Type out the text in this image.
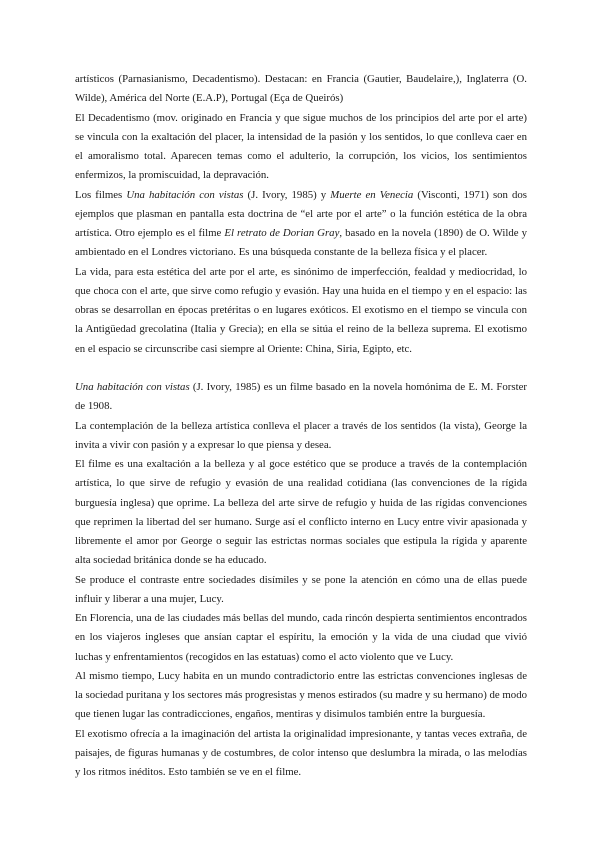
artísticos (Parnasianismo, Decadentismo). Destacan: en Francia (Gautier, Baudelaire,), Inglaterra (O. Wilde), América del Norte (E.A.P), Portugal (Eça de Queirós)

El Decadentismo (mov. originado en Francia y que sigue muchos de los principios del arte por el arte) se vincula con la exaltación del placer, la intensidad de la pasión y los sentidos, lo que conlleva caer en el amoralismo total. Aparecen temas como el adulterio, la corrupción, los vicios, los sentimientos enfermizos, la promiscuidad, la depravación.

Los filmes Una habitación con vistas (J. Ivory, 1985) y Muerte en Venecia (Visconti, 1971) son dos ejemplos que plasman en pantalla esta doctrina de “el arte por el arte” o la función estética de la obra artística. Otro ejemplo es el filme El retrato de Dorian Gray, basado en la novela (1890) de O. Wilde y ambientado en el Londres victoriano. Es una búsqueda constante de la belleza física y el placer.

La vida, para esta estética del arte por el arte, es sinónimo de imperfección, fealdad y mediocridad, lo que choca con el arte, que sirve como refugio y evasión. Hay una huida en el tiempo y en el espacio: las obras se desarrollan en épocas pretéritas o en lugares exóticos. El exotismo en el tiempo se vincula con la Antigüedad grecolatina (Italia y Grecia); en ella se sitúa el reino de la belleza suprema. El exotismo en el espacio se circunscribe casi siempre al Oriente: China, Siria, Egipto, etc.

Una habitación con vistas (J. Ivory, 1985) es un filme basado en la novela homónima de E. M. Forster de 1908.

La contemplación de la belleza artística conlleva el placer a través de los sentidos (la vista), George la invita a vivir con pasión y a expresar lo que piensa y desea.

El filme es una exaltación a la belleza y al goce estético que se produce a través de la contemplación artística, lo que sirve de refugio y evasión de una realidad cotidiana (las convenciones de la rígida burguesía inglesa) que oprime. La belleza del arte sirve de refugio y huida de las rígidas convenciones que reprimen la libertad del ser humano. Surge así el conflicto interno en Lucy entre vivir apasionada y libremente el amor por George o seguir las estrictas normas sociales que estipula la rígida y aparente alta sociedad británica donde se ha educado.

Se produce el contraste entre sociedades disímiles y se pone la atención en cómo una de ellas puede influir y liberar a una mujer, Lucy.

En Florencia, una de las ciudades más bellas del mundo, cada rincón despierta sentimientos encontrados en los viajeros ingleses que ansían captar el espíritu, la emoción y la vida de una ciudad que vivió luchas y enfrentamientos (recogidos en las estatuas) como el acto violento que ve Lucy.

Al mismo tiempo, Lucy habita en un mundo contradictorio entre las estrictas convenciones inglesas de la sociedad puritana y los sectores más progresistas y menos estirados (su madre y su hermano) de modo que tienen lugar las contradicciones, engaños, mentiras y disimulos también entre la burguesía.

El exotismo ofrecía a la imaginación del artista la originalidad impresionante, y tantas veces extraña, de paisajes, de figuras humanas y de costumbres, de color intenso que deslumbra la mirada, o las melodías y los ritmos inéditos. Esto también se ve en el filme.
